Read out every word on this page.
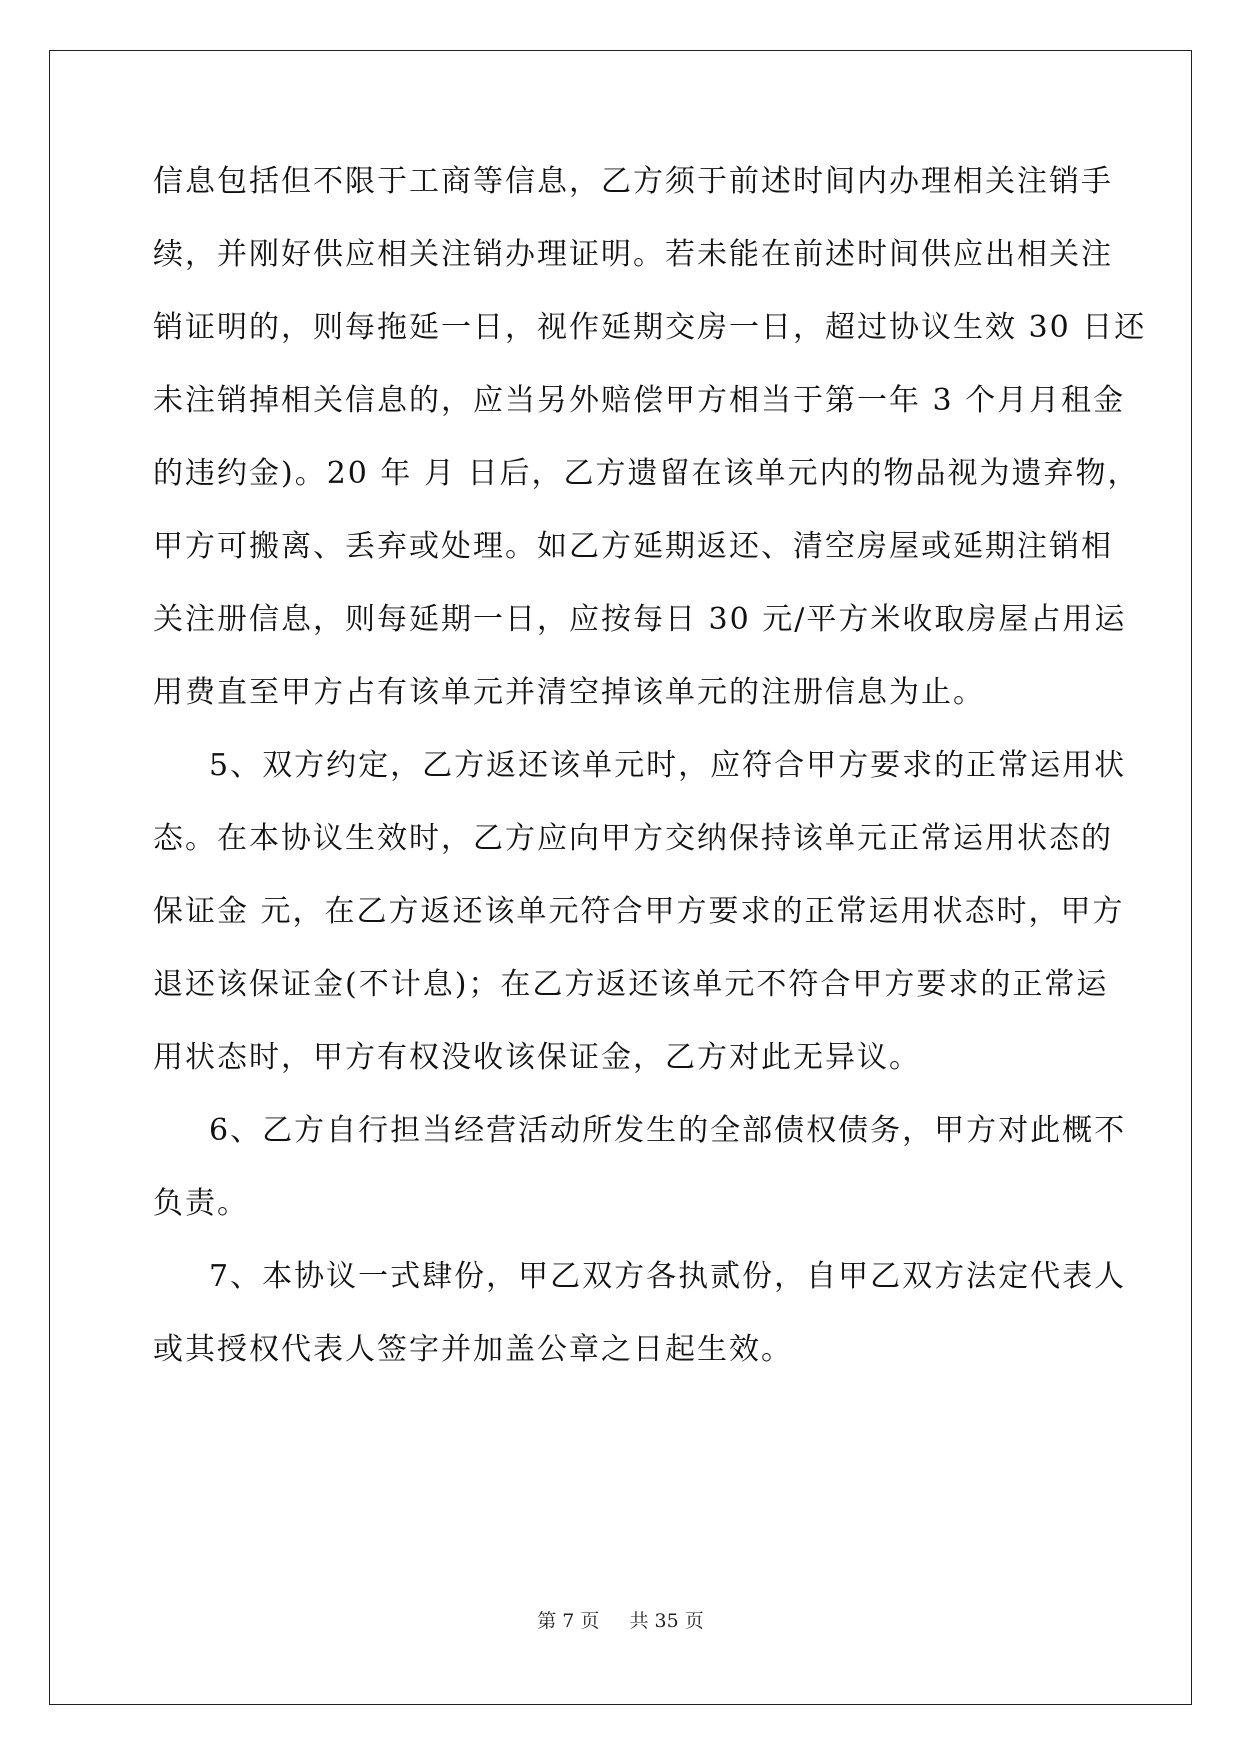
信息包括但不限于工商等信息，乙方须于前述时间内办理相关注销手
续，并刚好供应相关注销办理证明。若未能在前述时间供应出相关注
销证明的，则每拖延一日，视作延期交房一日，超过协议生效 30 日还
未注销掉相关信息的，应当另外赔偿甲方相当于第一年 3 个月月租金
的违约金)。20 年 月 日后，乙方遗留在该单元内的物品视为遗弃物，
甲方可搬离、丢弃或处理。如乙方延期返还、清空房屋或延期注销相
关注册信息，则每延期一日，应按每日 30 元/平方米收取房屋占用运
用费直至甲方占有该单元并清空掉该单元的注册信息为止。
5、双方约定，乙方返还该单元时，应符合甲方要求的正常运用状
态。在本协议生效时，乙方应向甲方交纳保持该单元正常运用状态的
保证金 元，在乙方返还该单元符合甲方要求的正常运用状态时，甲方
退还该保证金(不计息)；在乙方返还该单元不符合甲方要求的正常运
用状态时，甲方有权没收该保证金，乙方对此无异议。
6、乙方自行担当经营活动所发生的全部债权债务，甲方对此概不
负责。
7、本协议一式肆份，甲乙双方各执贰份，自甲乙双方法定代表人
或其授权代表人签字并加盖公章之日起生效。
第 7 页 共 35 页
